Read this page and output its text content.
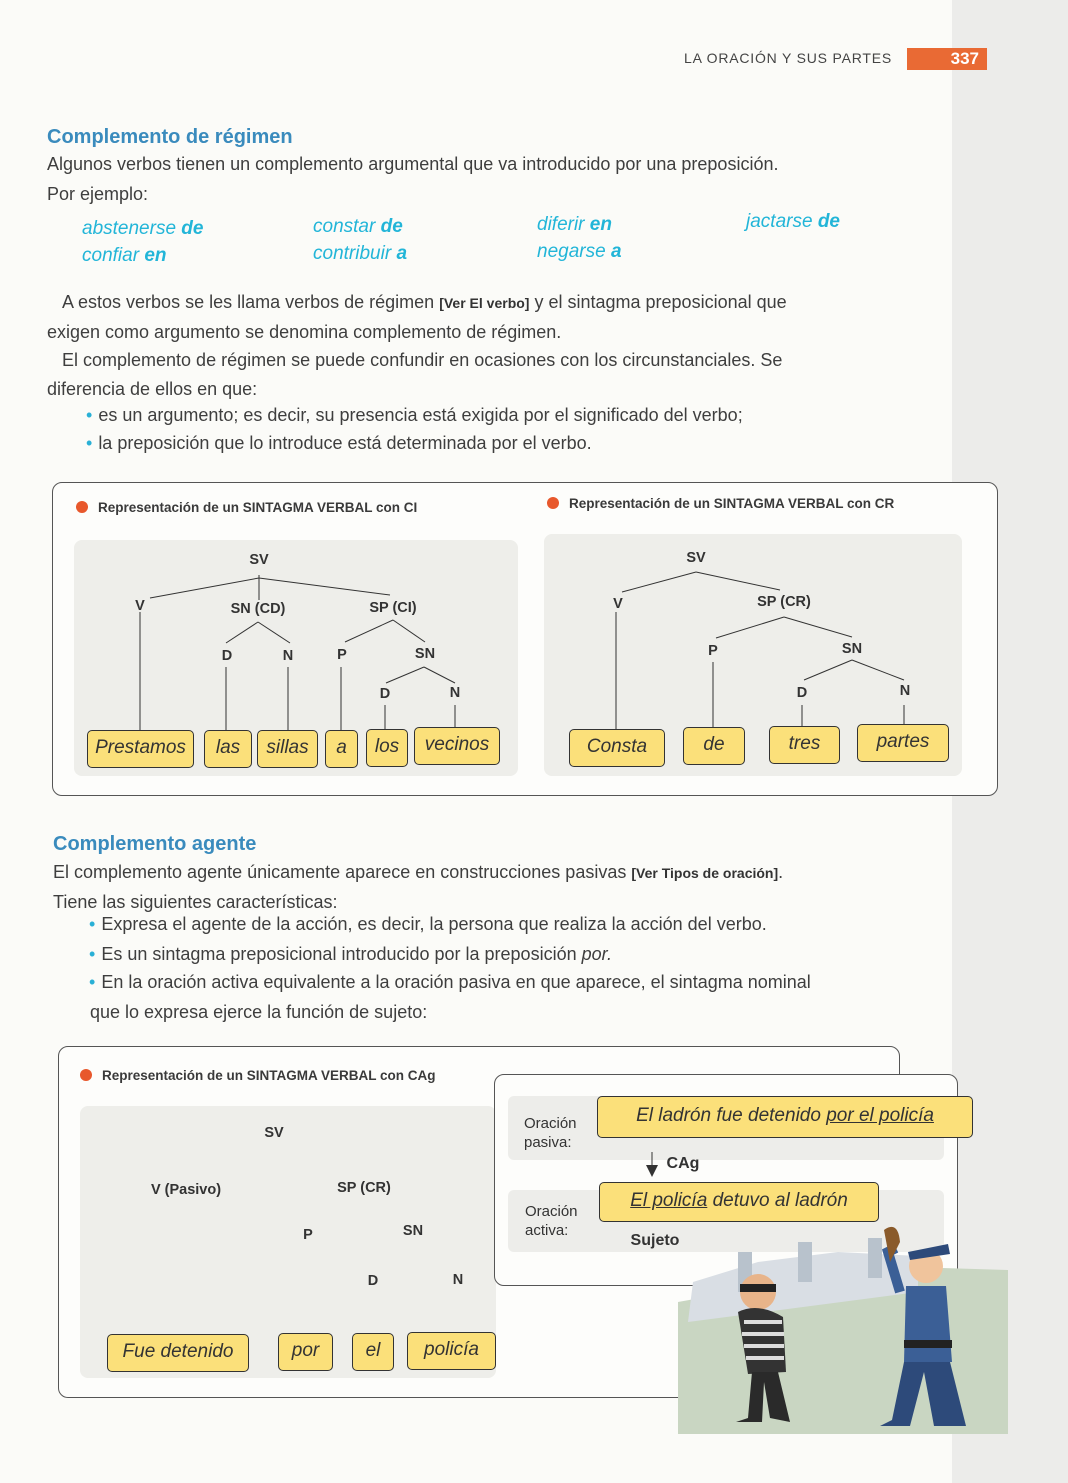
LA ORACIÓN Y SUS PARTES	337
Complemento de régimen
Algunos verbos tienen un complemento argumental que va introducido por una preposición.
Por ejemplo:
abstenerse de
confiar en
constar de
contribuir a
diferir en
negarse a
jactarse de
A estos verbos se les llama verbos de régimen [Ver El verbo] y el sintagma preposicional que
exigen como argumento se denomina complemento de régimen.
El complemento de régimen se puede confundir en ocasiones con los circunstanciales. Se
diferencia de ellos en que:
• es un argumento; es decir, su presencia está exigida por el significado del verbo;
• la preposición que lo introduce está determinada por el verbo.
Representación de un SINTAGMA VERBAL con CI	Representación de un SINTAGMA VERBAL con CR
SV
V	SN (CD)	SP (CI)
D	N	P	SN
D	N
Prestamos	las	sillas	a	los	vecinos
SV
V	SP (CR)
P	SN
D	N
Consta	de	tres	partes
Complemento agente
El complemento agente únicamente aparece en construcciones pasivas [Ver Tipos de oración].
Tiene las siguientes características:
• Expresa el agente de la acción, es decir, la persona que realiza la acción del verbo.
• Es un sintagma preposicional introducido por la preposición por.
• En la oración activa equivalente a la oración pasiva en que aparece, el sintagma nominal
que lo expresa ejerce la función de sujeto:
Representación de un SINTAGMA VERBAL con CAg
SV
V (Pasivo)	SP (CR)
P	SN
D	N
Fue detenido	por	el	policía
Oración
pasiva:
El ladrón fue detenido por el policía
CAg
Oración
activa:
El policía detuvo al ladrón
Sujeto
